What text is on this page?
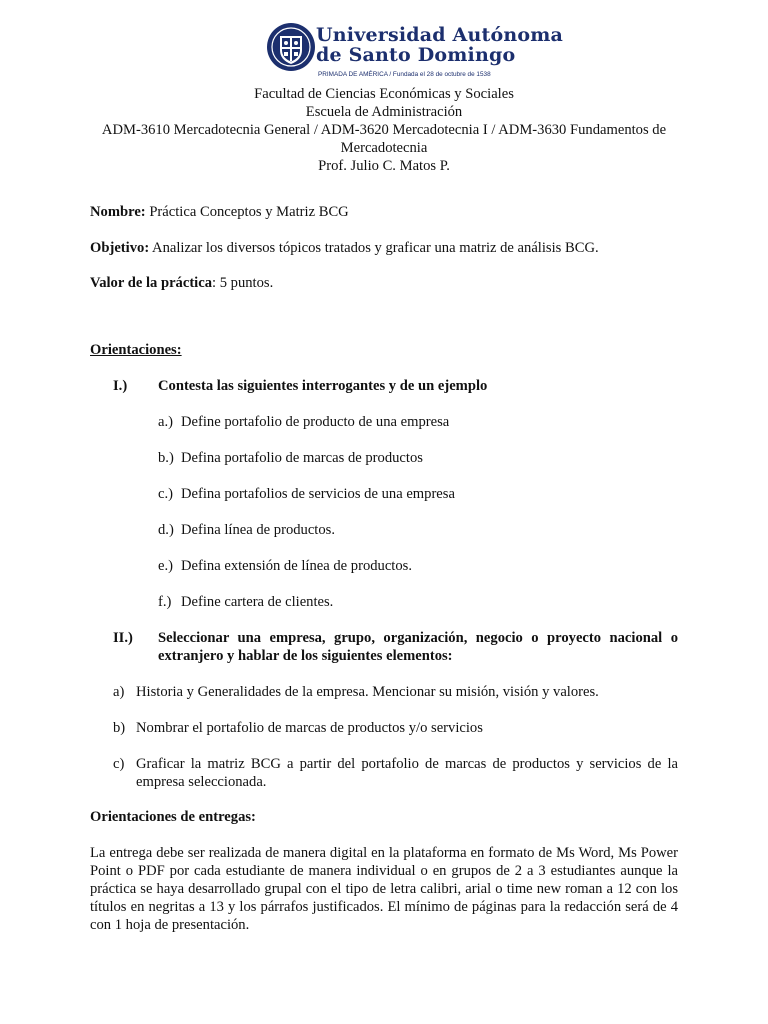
Universidad Autónoma
de Santo Domingo
PRIMADA DE AMÉRICA / Fundada el 28 de octubre de 1538
Facultad de Ciencias Económicas y Sociales
Escuela de Administración
ADM-3610 Mercadotecnia General / ADM-3620 Mercadotecnia I / ADM-3630 Fundamentos de
Mercadotecnia
Prof. Julio C. Matos P.
Nombre: Práctica Conceptos y Matriz BCG
Objetivo: Analizar los diversos tópicos tratados y graficar una matriz de análisis BCG.
Valor de la práctica: 5 puntos.
Orientaciones:
I.) Contesta las siguientes interrogantes y de un ejemplo
a.) Define portafolio de producto de una empresa
b.) Defina portafolio de marcas de productos
c.) Defina portafolios de servicios de una empresa
d.) Defina línea de productos.
e.) Defina extensión de línea de productos.
f.) Define cartera de clientes.
II.) Seleccionar una empresa, grupo, organización, negocio o proyecto nacional o extranjero y hablar de los siguientes elementos:
a) Historia y Generalidades de la empresa. Mencionar su misión, visión y valores.
b) Nombrar el portafolio de marcas de productos y/o servicios
c) Graficar la matriz BCG a partir del portafolio de marcas de productos y servicios de la empresa seleccionada.
Orientaciones de entregas:
La entrega debe ser realizada de manera digital en la plataforma en formato de Ms Word, Ms Power Point o PDF por cada estudiante de manera individual o en grupos de 2 a 3 estudiantes aunque la práctica se haya desarrollado grupal con el tipo de letra calibri, arial o time new roman a 12 con los títulos en negritas a 13 y los párrafos justificados. El mínimo de páginas para la redacción será de 4 con 1 hoja de presentación.
